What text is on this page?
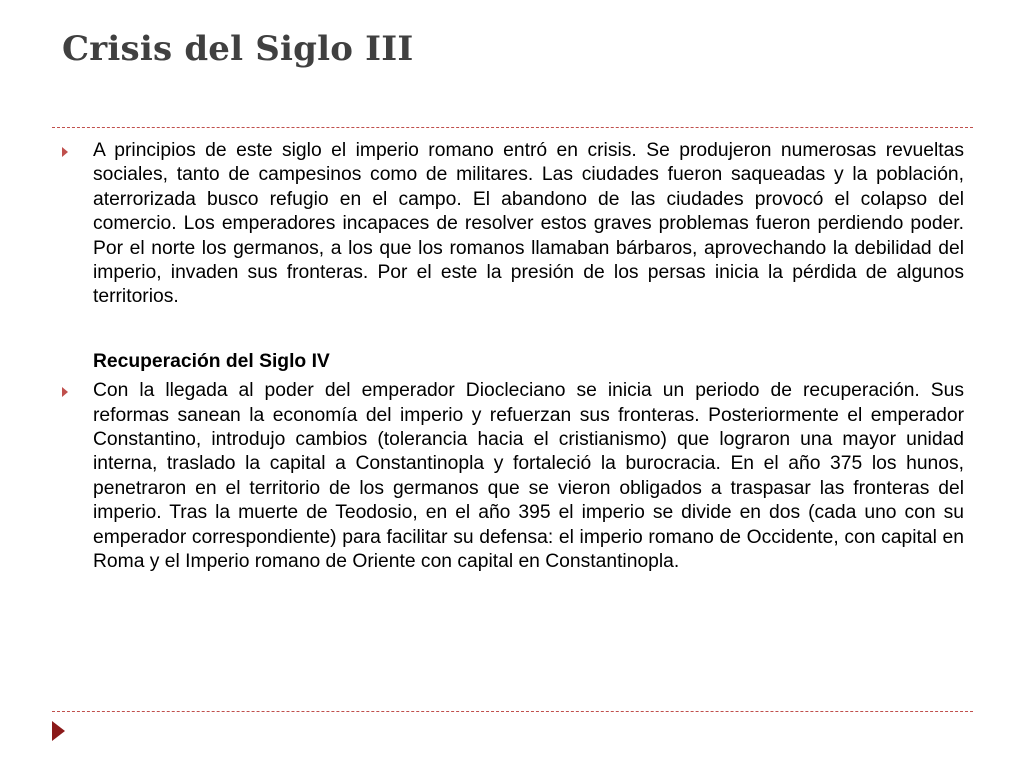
Crisis del Siglo III

A principios de este siglo el imperio romano entró en crisis. Se produjeron numerosas revueltas sociales, tanto de campesinos como de militares. Las ciudades fueron saqueadas y la población, aterrorizada busco refugio en el campo. El abandono de las ciudades provocó el colapso del comercio. Los emperadores incapaces de resolver estos graves problemas fueron perdiendo poder. Por el norte los germanos, a los que los romanos llamaban bárbaros, aprovechando la debilidad del imperio, invaden sus fronteras. Por el este la presión de los persas inicia la pérdida de algunos territorios.

Recuperación del Siglo IV

Con la llegada al poder del emperador Diocleciano se inicia un periodo de recuperación. Sus reformas sanean la economía del imperio y refuerzan sus fronteras. Posteriormente el emperador Constantino, introdujo cambios (tolerancia hacia el cristianismo) que lograron una mayor unidad interna, traslado la capital a Constantinopla y fortaleció la burocracia. En el año 375 los hunos, penetraron en el territorio de los germanos que se vieron obligados a traspasar las fronteras del imperio. Tras la muerte de Teodosio, en el año 395 el imperio se divide en dos (cada uno con su emperador correspondiente) para facilitar su defensa: el imperio romano de Occidente, con capital en Roma y el Imperio romano de Oriente con capital en Constantinopla.
